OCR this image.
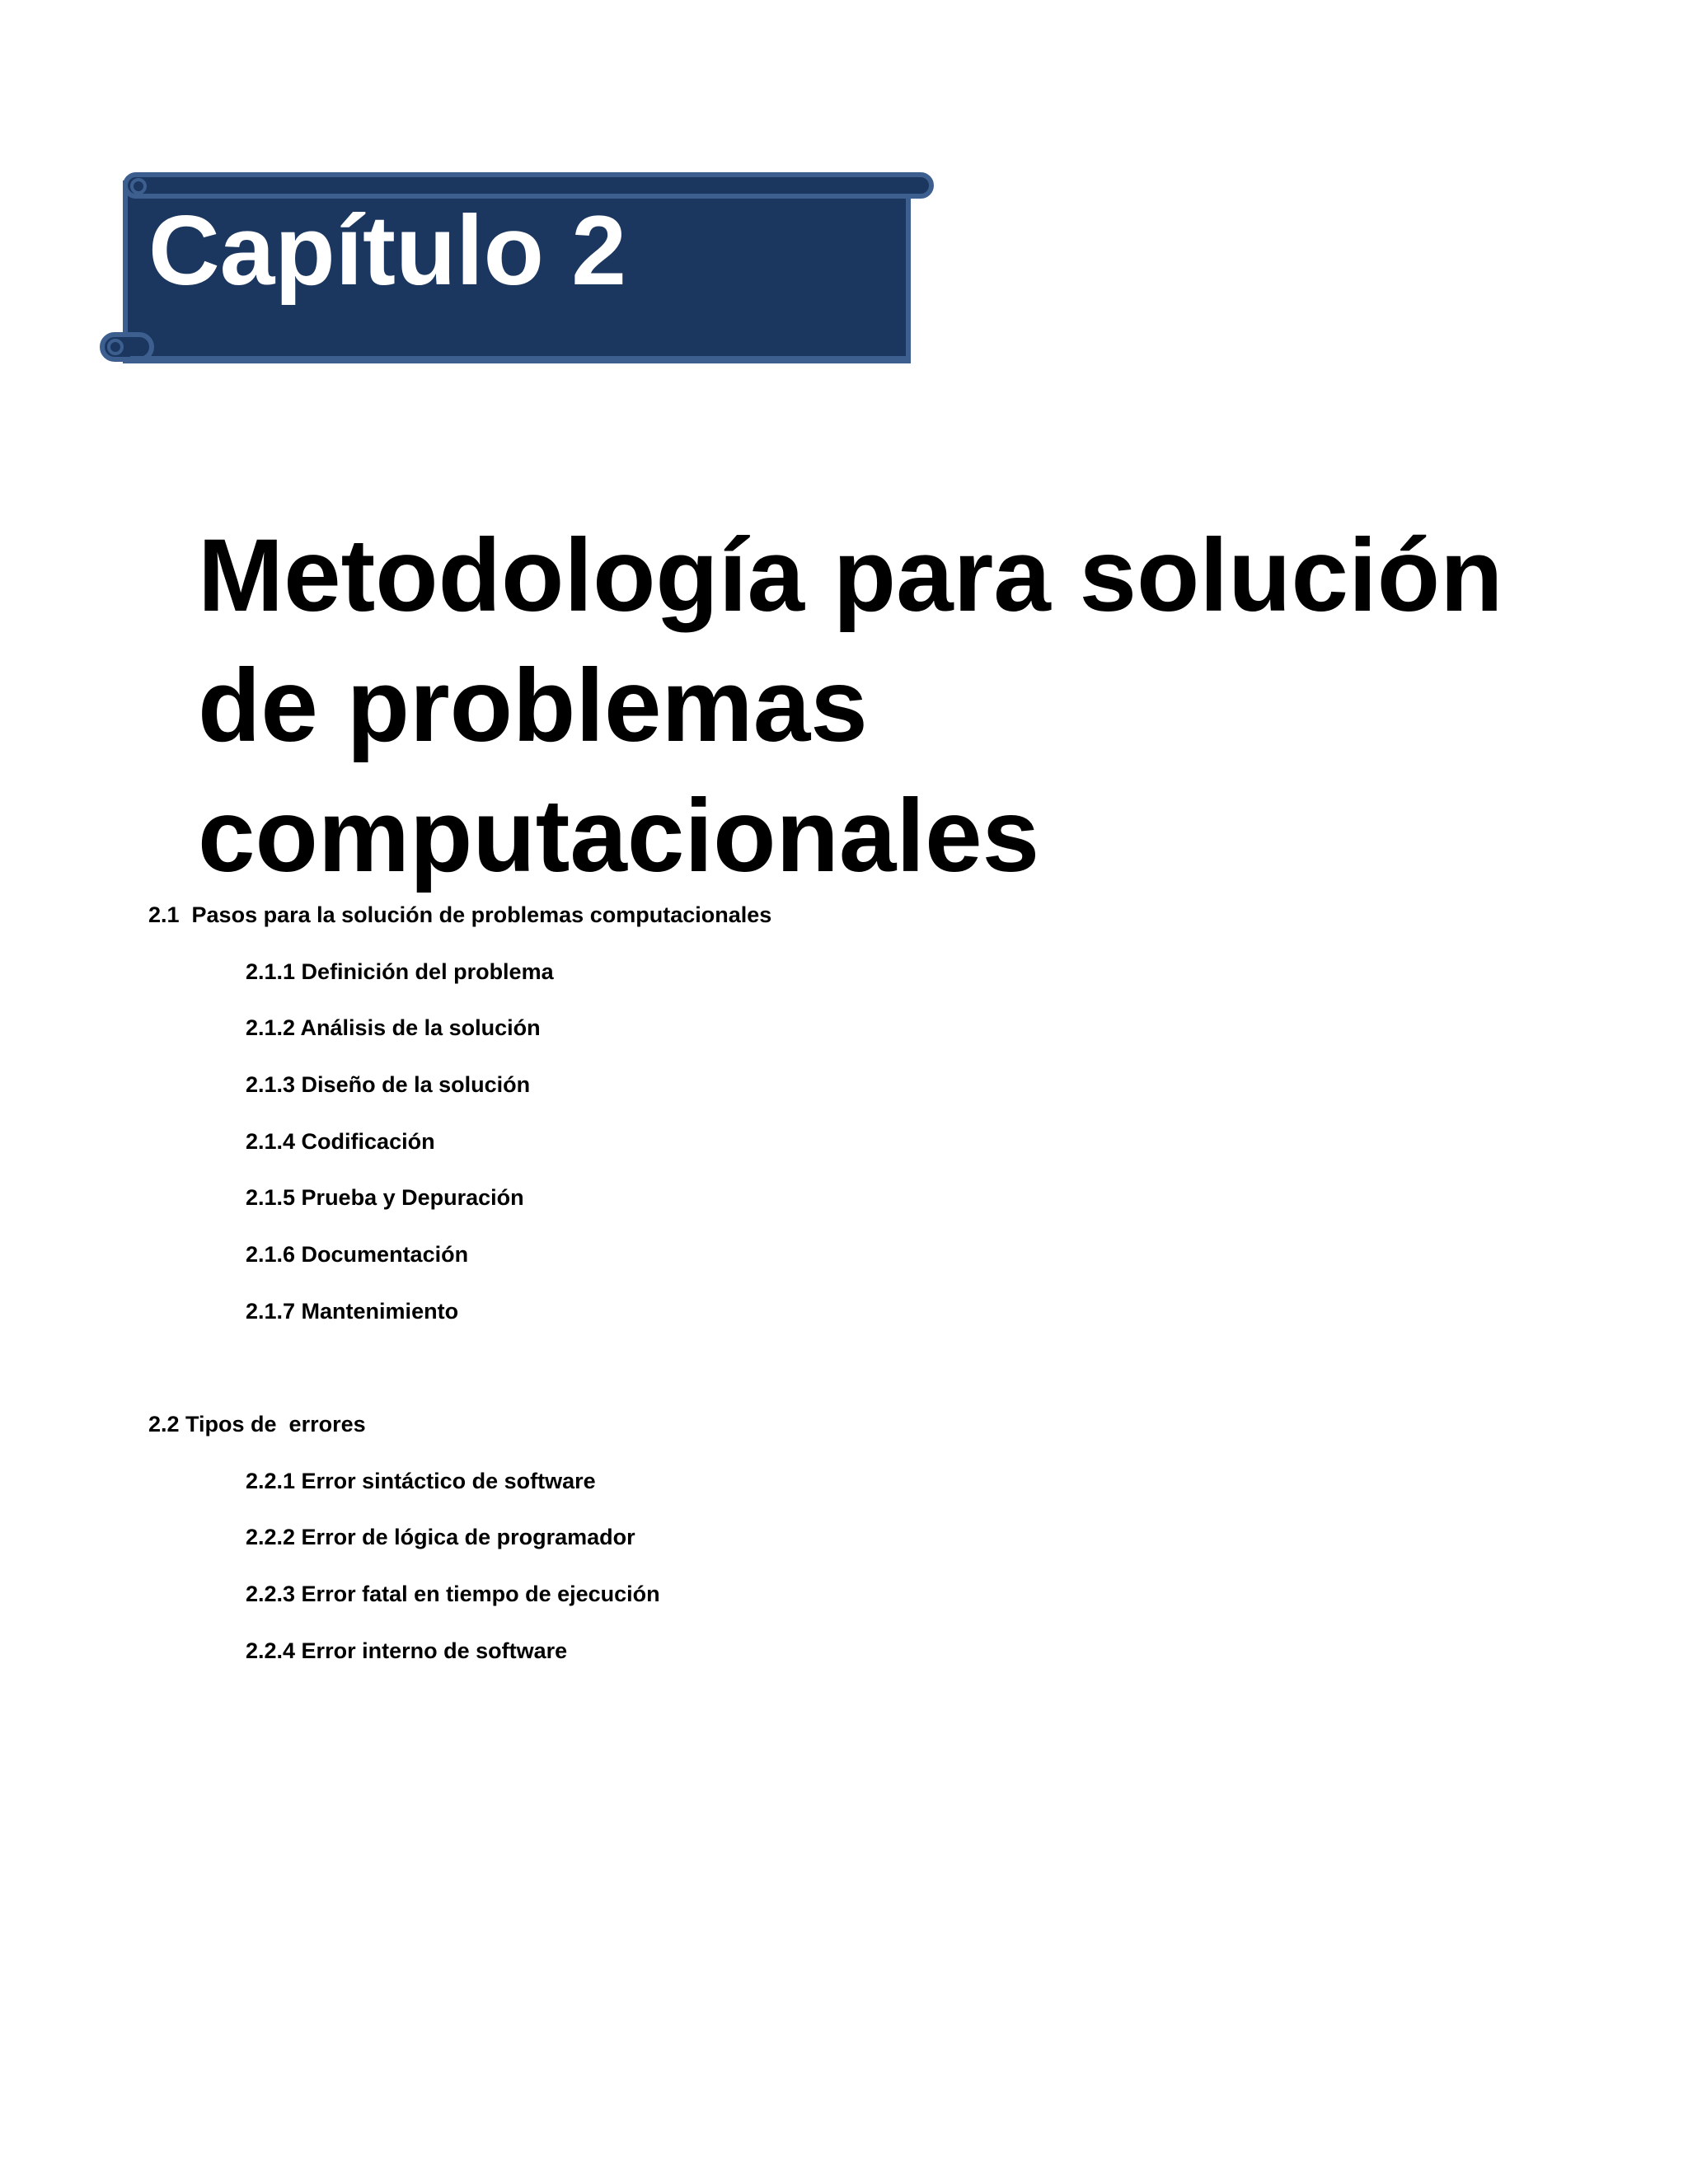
Capítulo 2
Metodología para solución
de problemas
computacionales
2.1  Pasos para la solución de problemas computacionales
2.1.1 Definición del problema
2.1.2 Análisis de la solución
2.1.3 Diseño de la solución
2.1.4 Codificación
2.1.5 Prueba y Depuración
2.1.6 Documentación
2.1.7 Mantenimiento
2.2 Tipos de  errores
2.2.1 Error sintáctico de software
2.2.2 Error de lógica de programador
2.2.3 Error fatal en tiempo de ejecución
2.2.4 Error interno de software
